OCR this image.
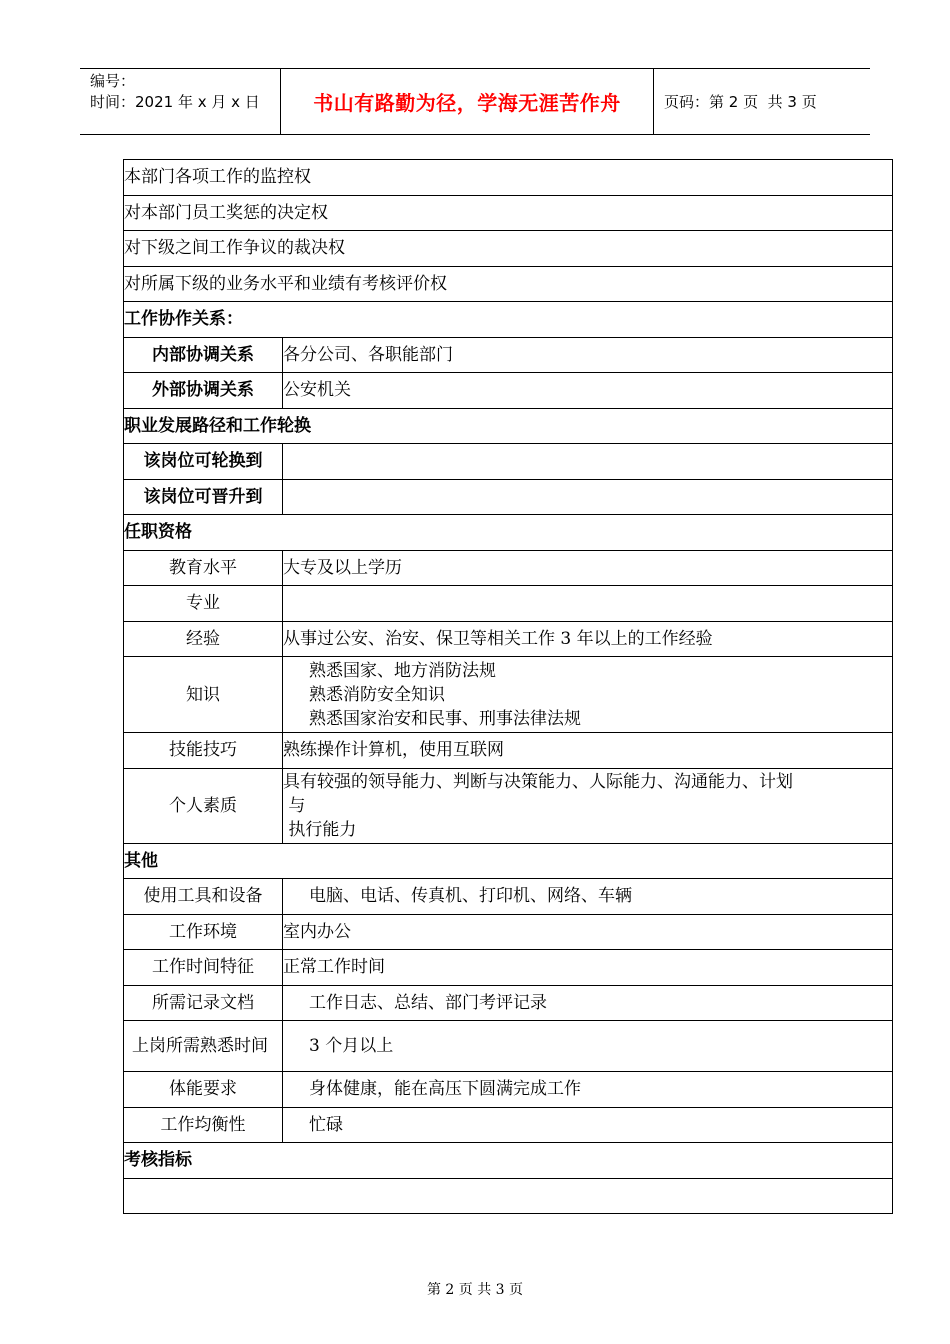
编号：
时间：2021 年 x 月 x 日	书山有路勤为径，学海无涯苦作舟	页码：第 2 页  共 3 页
本部门各项工作的监控权	
对本部门员工奖惩的决定权	
对下级之间工作争议的裁决权	
对所属下级的业务水平和业绩有考核评价权	
工作协作关系：	
内部协调关系	各分公司、各职能部门
外部协调关系	公安机关
职业发展路径和工作轮换	
该岗位可轮换到	
该岗位可晋升到	
任职资格	
教育水平	大专及以上学历
专业	
经验	从事过公安、治安、保卫等相关工作 3 年以上的工作经验
知识	熟悉国家、地方消防法规
熟悉消防安全知识
熟悉国家治安和民事、刑事法律法规

技能技巧	熟练操作计算机，使用互联网
个人素质	具有较强的领导能力、判断与决策能力、人际能力、沟通能力、计划
与
执行能力

其他	
使用工具和设备	电脑、电话、传真机、打印机、网络、车辆
工作环境	室内办公
工作时间特征	正常工作时间
所需记录文档	工作日志、总结、部门考评记录
上岗所需熟悉时间	3 个月以上
体能要求	身体健康，能在高压下圆满完成工作
工作均衡性	忙碌
考核指标	

第 2 页 共 3 页
